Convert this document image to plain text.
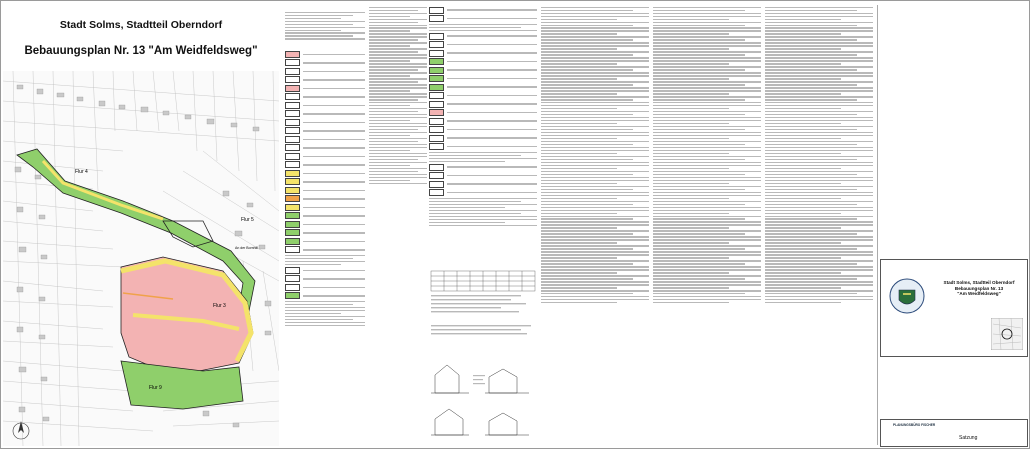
Stadt Solms, Stadtteil Oberndorf
Bebauungsplan Nr. 13 "Am Weidfeldsweg"
Flur 4
Flur 5
Flur 3
Flur 9
An der Bornhill
Stadt Solms, Stadtteil Oberndorf
Bebauungsplan Nr. 13
"Am Weidfeldsweg"
PLANUNGSBÜRO FISCHER
Satzung
